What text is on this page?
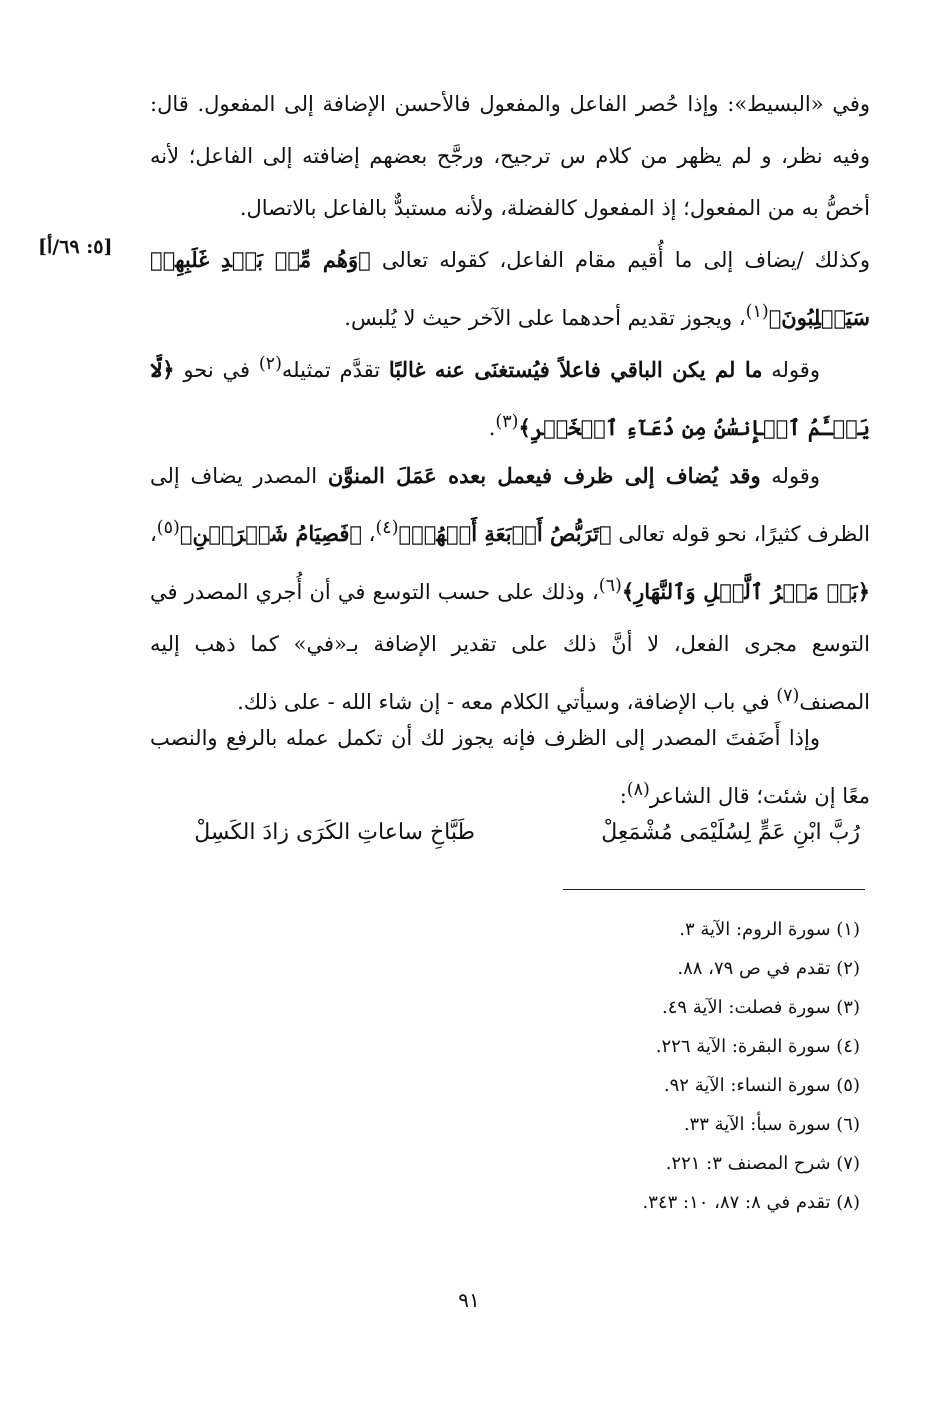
وفي «البسيط»: وإذا حُصر الفاعل والمفعول فالأحسن الإضافة إلى المفعول. قال: وفيه نظر، و لم يظهر من كلام س ترجيح، ورجَّح بعضهم إضافته إلى الفاعل؛ لأنه أخصُّ به من المفعول؛ إذ المفعول كالفضلة، ولأنه مستبدٌّ بالفاعل بالاتصال.

وكذلك /يضاف إلى ما أُقيم مقام الفاعل، كقوله تعالى ﴿وَهُم مِّنۢ بَعۡدِ غَلَبِهِمۡ سَيَغۡلِبُونَ﴾$^{(١)}$، ويجوز تقديم أحدهما على الآخر حيث لا يُلبس.

وقوله ما لم يكن الباقي فاعلاً فيُستغنَى عنه غالبًا تقدَّم تمثيله$^{(٢)}$ في نحو ﴿لَّا يَسۡـَٔمُ ٱلۡإِنسَٰنُ مِن دُعَآءِ ٱلۡخَيۡرِ﴾$^{(٣)}$.

وقوله وقد يُضاف إلى ظرف فيعمل بعده عَمَلَ المنوَّن المصدر يضاف إلى الظرف كثيرًا، نحو قوله تعالى ﴿تَرَبُّصُ أَرۡبَعَةِ أَشۡهُرٖ﴾$^{(٤)}$، ﴿فَصِيَامُ شَهۡرَيۡنِ﴾$^{(٥)}$، ﴿بَلۡ مَكۡرُ ٱلَّيۡلِ وَٱلنَّهَارِ﴾$^{(٦)}$، وذلك على حسب التوسع في أن أُجري المصدر في التوسع مجرى الفعل، لا أنَّ ذلك على تقدير الإضافة بـ«في» كما ذهب إليه المصنف$^{(٧)}$ في باب الإضافة، وسيأتي الكلام معه - إن شاء الله - على ذلك.

وإذا أَضَفتَ المصدر إلى الظرف فإنه يجوز لك أن تكمل عمله بالرفع والنصب معًا إن شئت؛ قال الشاعر$^{(٨)}$:

[٥: ٦٩/أ]
رُبَّ ابْنِ عَمٍّ لِسُلَيْمَى مُشْمَعِلْ
طَبَّاخِ ساعاتِ الكَرَى زادَ الكَسِلْ
(١) سورة الروم: الآية ٣.
(٢) تقدم في ص ٧٩، ٨٨.
(٣) سورة فصلت: الآية ٤٩.
(٤) سورة البقرة: الآية ٢٢٦.
(٥) سورة النساء: الآية ٩٢.
(٦) سورة سبأ: الآية ٣٣.
(٧) شرح المصنف ٣: ٢٢١.
(٨) تقدم في ٨: ٨٧، ١٠: ٣٤٣.
٩١
